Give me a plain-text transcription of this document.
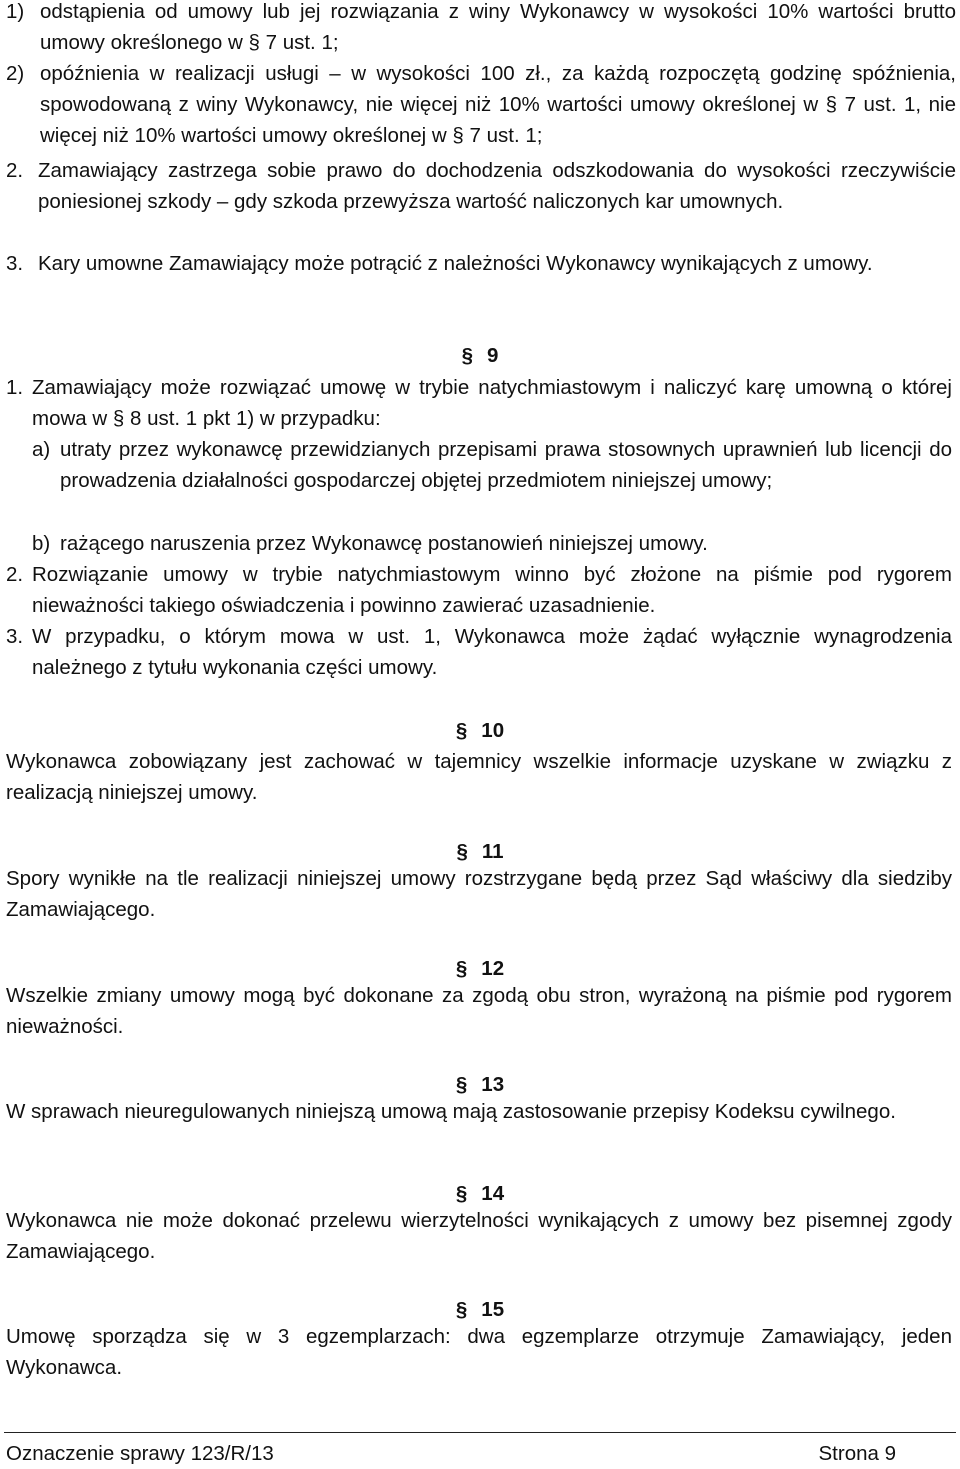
1) odstąpienia od umowy lub jej rozwiązania z winy Wykonawcy w wysokości 10% wartości brutto umowy określonego w § 7 ust. 1;
2) opóźnienia w realizacji usługi – w wysokości 100 zł., za każdą rozpoczętą godzinę spóźnienia, spowodowaną z winy Wykonawcy, nie więcej niż 10% wartości umowy określonej w § 7 ust. 1, nie więcej niż 10% wartości umowy określonej w § 7 ust. 1;
2. Zamawiający zastrzega sobie prawo do dochodzenia odszkodowania do wysokości rzeczywiście poniesionej szkody – gdy szkoda przewyższa wartość naliczonych kar umownych.
3. Kary umowne Zamawiający może potrącić z należności Wykonawcy wynikających z umowy.
§ 9
1. Zamawiający może rozwiązać umowę w trybie natychmiastowym i naliczyć karę umowną o której mowa w § 8 ust. 1 pkt 1) w przypadku:
a) utraty przez wykonawcę przewidzianych przepisami prawa stosownych uprawnień lub licencji do prowadzenia działalności gospodarczej objętej przedmiotem niniejszej umowy;
b) rażącego naruszenia przez Wykonawcę postanowień niniejszej umowy.
2. Rozwiązanie umowy w trybie natychmiastowym winno być złożone na piśmie pod rygorem nieważności takiego oświadczenia i powinno zawierać uzasadnienie.
3. W przypadku, o którym mowa w ust. 1, Wykonawca może żądać wyłącznie wynagrodzenia należnego z tytułu wykonania części umowy.
§ 10
Wykonawca zobowiązany jest zachować w tajemnicy wszelkie informacje uzyskane w związku z realizacją niniejszej umowy.
§ 11
Spory wynikłe na tle realizacji niniejszej umowy rozstrzygane będą przez Sąd właściwy dla siedziby Zamawiającego.
§ 12
Wszelkie zmiany umowy mogą być dokonane za zgodą obu stron, wyrażoną na piśmie pod rygorem nieważności.
§ 13
W sprawach nieuregulowanych niniejszą umową mają zastosowanie przepisy Kodeksu cywilnego.
§ 14
Wykonawca nie może dokonać przelewu wierzytelności wynikających z umowy bez pisemnej zgody Zamawiającego.
§ 15
Umowę sporządza się w 3 egzemplarzach: dwa egzemplarze otrzymuje Zamawiający, jeden Wykonawca.
Oznaczenie sprawy 123/R/13	Strona 9
